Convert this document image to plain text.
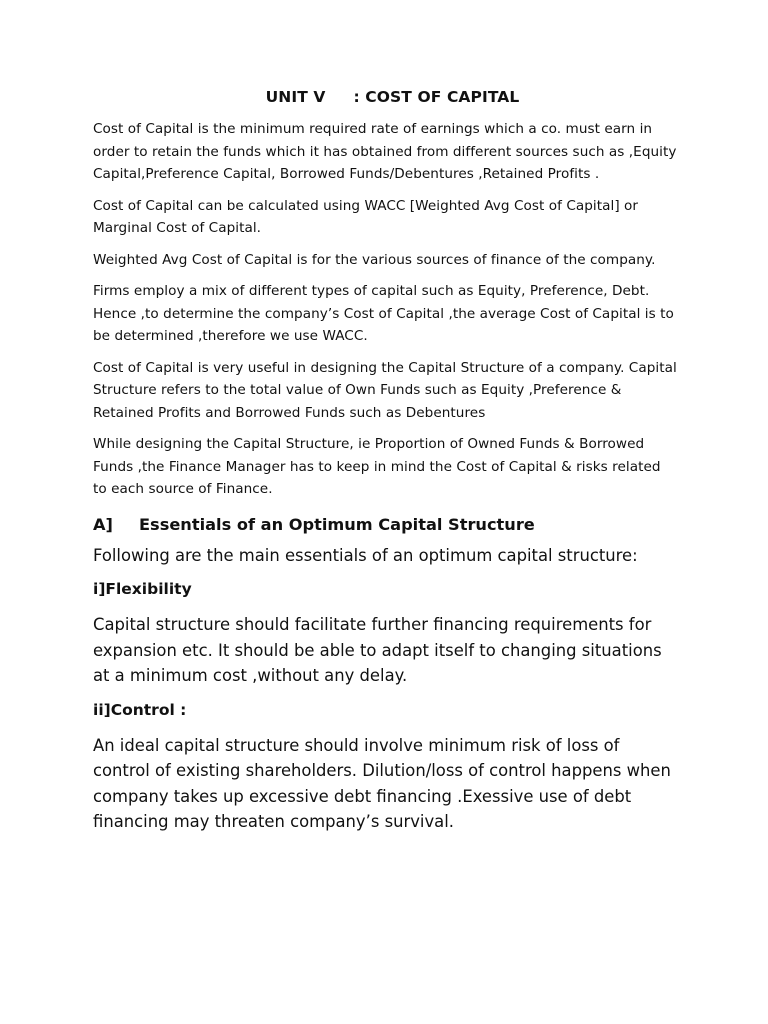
UNIT V : COST OF CAPITAL

Cost of Capital is the minimum required rate of earnings which a co. must earn in order to retain the funds which it has obtained from different sources such as ,Equity Capital,Preference Capital, Borrowed Funds/Debentures ,Retained Profits .

Cost of Capital can be calculated using WACC [Weighted Avg Cost of Capital] or Marginal Cost of Capital.

Weighted Avg Cost of Capital is for the various sources of finance of the company.

Firms employ a mix of different types of capital such as Equity, Preference, Debt. Hence ,to determine the company’s Cost of Capital ,the average Cost of Capital is to be determined ,therefore we use WACC.

Cost of Capital is very useful in designing the Capital Structure of a company. Capital Structure refers to the total value of Own Funds such as Equity ,Preference & Retained Profits and Borrowed Funds such as Debentures

While designing the Capital Structure, ie Proportion of Owned Funds & Borrowed Funds ,the Finance Manager has to keep in mind the Cost of Capital & risks related to each source of Finance.

A] Essentials of an Optimum Capital Structure

Following are the main essentials of an optimum capital structure:

i]Flexibility

Capital structure should facilitate further financing requirements for expansion etc. It should be able to adapt itself to changing situations at a minimum cost ,without any delay.

ii]Control :

An ideal capital structure should involve minimum risk of loss of control of existing shareholders. Dilution/loss of control happens when company takes up excessive debt financing .Exessive use of debt financing may threaten company’s survival.
